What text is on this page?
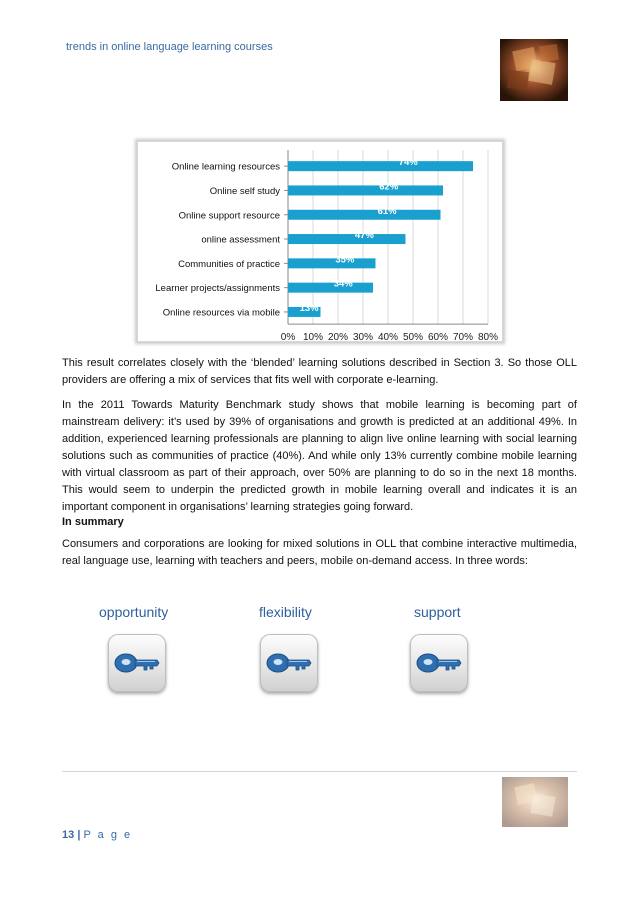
trends in online language learning courses
0% 10% 20% 30% 40% 50% 60% 70% 80%
Online learning resources	74%
Online self study	62%
Online support resource	61%
online assessment	47%
Communities of practice	35%
Learner projects/assignments	34%
Online resources via mobile 13%
This result correlates closely with the ‘blended’ learning solutions described in Section 3. So those OLL providers are offering a mix of services that fits well with corporate e-learning.
In the 2011 Towards Maturity Benchmark study shows that mobile learning is becoming part of mainstream delivery: it’s used by 39% of organisations and growth is predicted at an additional 49%. In addition, experienced learning professionals are planning to align live online learning with social learning solutions such as communities of practice (40%). And while only 13% currently combine mobile learning with virtual classroom as part of their approach, over 50% are planning to do so in the next 18 months. This would seem to underpin the predicted growth in mobile learning overall and indicates it is an important component in organisations’ learning strategies going forward.
In summary
Consumers and corporations are looking for mixed solutions in OLL that combine interactive multimedia, real language use, learning with teachers and peers, mobile on-demand access. In three words:
opportunity	flexibility	support
13 | P a g e
